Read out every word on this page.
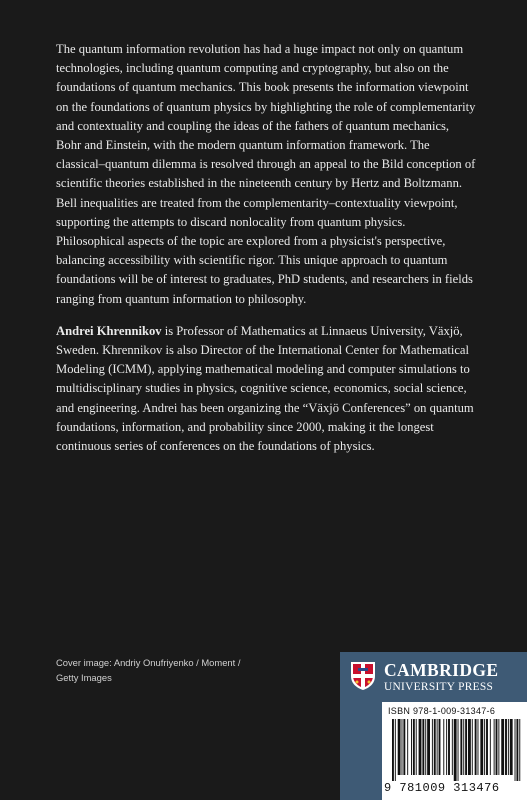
The quantum information revolution has had a huge impact not only on quantum technologies, including quantum computing and cryptography, but also on the foundations of quantum mechanics. This book presents the information viewpoint on the foundations of quantum physics by highlighting the role of complementarity and contextuality and coupling the ideas of the fathers of quantum mechanics, Bohr and Einstein, with the modern quantum information framework. The classical–quantum dilemma is resolved through an appeal to the Bild conception of scientific theories established in the nineteenth century by Hertz and Boltzmann. Bell inequalities are treated from the complementarity–contextuality viewpoint, supporting the attempts to discard nonlocality from quantum physics. Philosophical aspects of the topic are explored from a physicist's perspective, balancing accessibility with scientific rigor. This unique approach to quantum foundations will be of interest to graduates, PhD students, and researchers in fields ranging from quantum information to philosophy.

Andrei Khrennikov is Professor of Mathematics at Linnaeus University, Växjö, Sweden. Khrennikov is also Director of the International Center for Mathematical Modeling (ICMM), applying mathematical modeling and computer simulations to multidisciplinary studies in physics, cognitive science, economics, social science, and engineering. Andrei has been organizing the “Växjö Conferences” on quantum foundations, information, and probability since 2000, making it the longest continuous series of conferences on the foundations of physics.

Cover image: Andriy Onufriyenko / Moment /
Getty Images	CAMBRIDGE
UNIVERSITY PRESS
ISBN 978-1-009-31347-6
9 781009 313476
